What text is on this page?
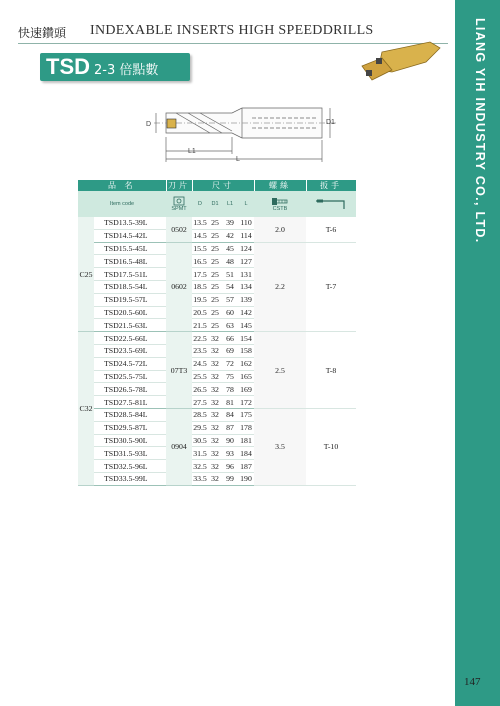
快速鑽頭 INDEXABLE INSERTS HIGH SPEEDDRILLS
TSD 2-3 倍點數
D
L1
L
D1
品 名		刀片	尺寸				螺絲	扳手
Item code		SPMT	D	D1	L1	L	CSTB	

C25	TSD13.5-39L	0502	13.5	25	39	110	2.0	T-6
	TSD14.5-42L		14.5	25	42	114		
	TSD15.5-45L	0602	15.5	25	45	124	2.2	T-7
	TSD16.5-48L		16.5	25	48	127		
	TSD17.5-51L		17.5	25	51	131		
	TSD18.5-54L		18.5	25	54	134		
	TSD19.5-57L		19.5	25	57	139		
	TSD20.5-60L		20.5	25	60	142		
	TSD21.5-63L		21.5	25	63	145		
C32	TSD22.5-66L	07T3	22.5	32	66	154	2.5	T-8
	TSD23.5-69L		23.5	32	69	158		
	TSD24.5-72L		24.5	32	72	162		
	TSD25.5-75L		25.5	32	75	165		
	TSD26.5-78L		26.5	32	78	169		
	TSD27.5-81L		27.5	32	81	172		
	TSD28.5-84L	0904	28.5	32	84	175	3.5	T-10
	TSD29.5-87L		29.5	32	87	178		
	TSD30.5-90L		30.5	32	90	181		
	TSD31.5-93L		31.5	32	93	184		
	TSD32.5-96L		32.5	32	96	187		
	TSD33.5-99L		33.5	32	99	190		
LIANG YIH INDUSTRY CO., LTD.
147
